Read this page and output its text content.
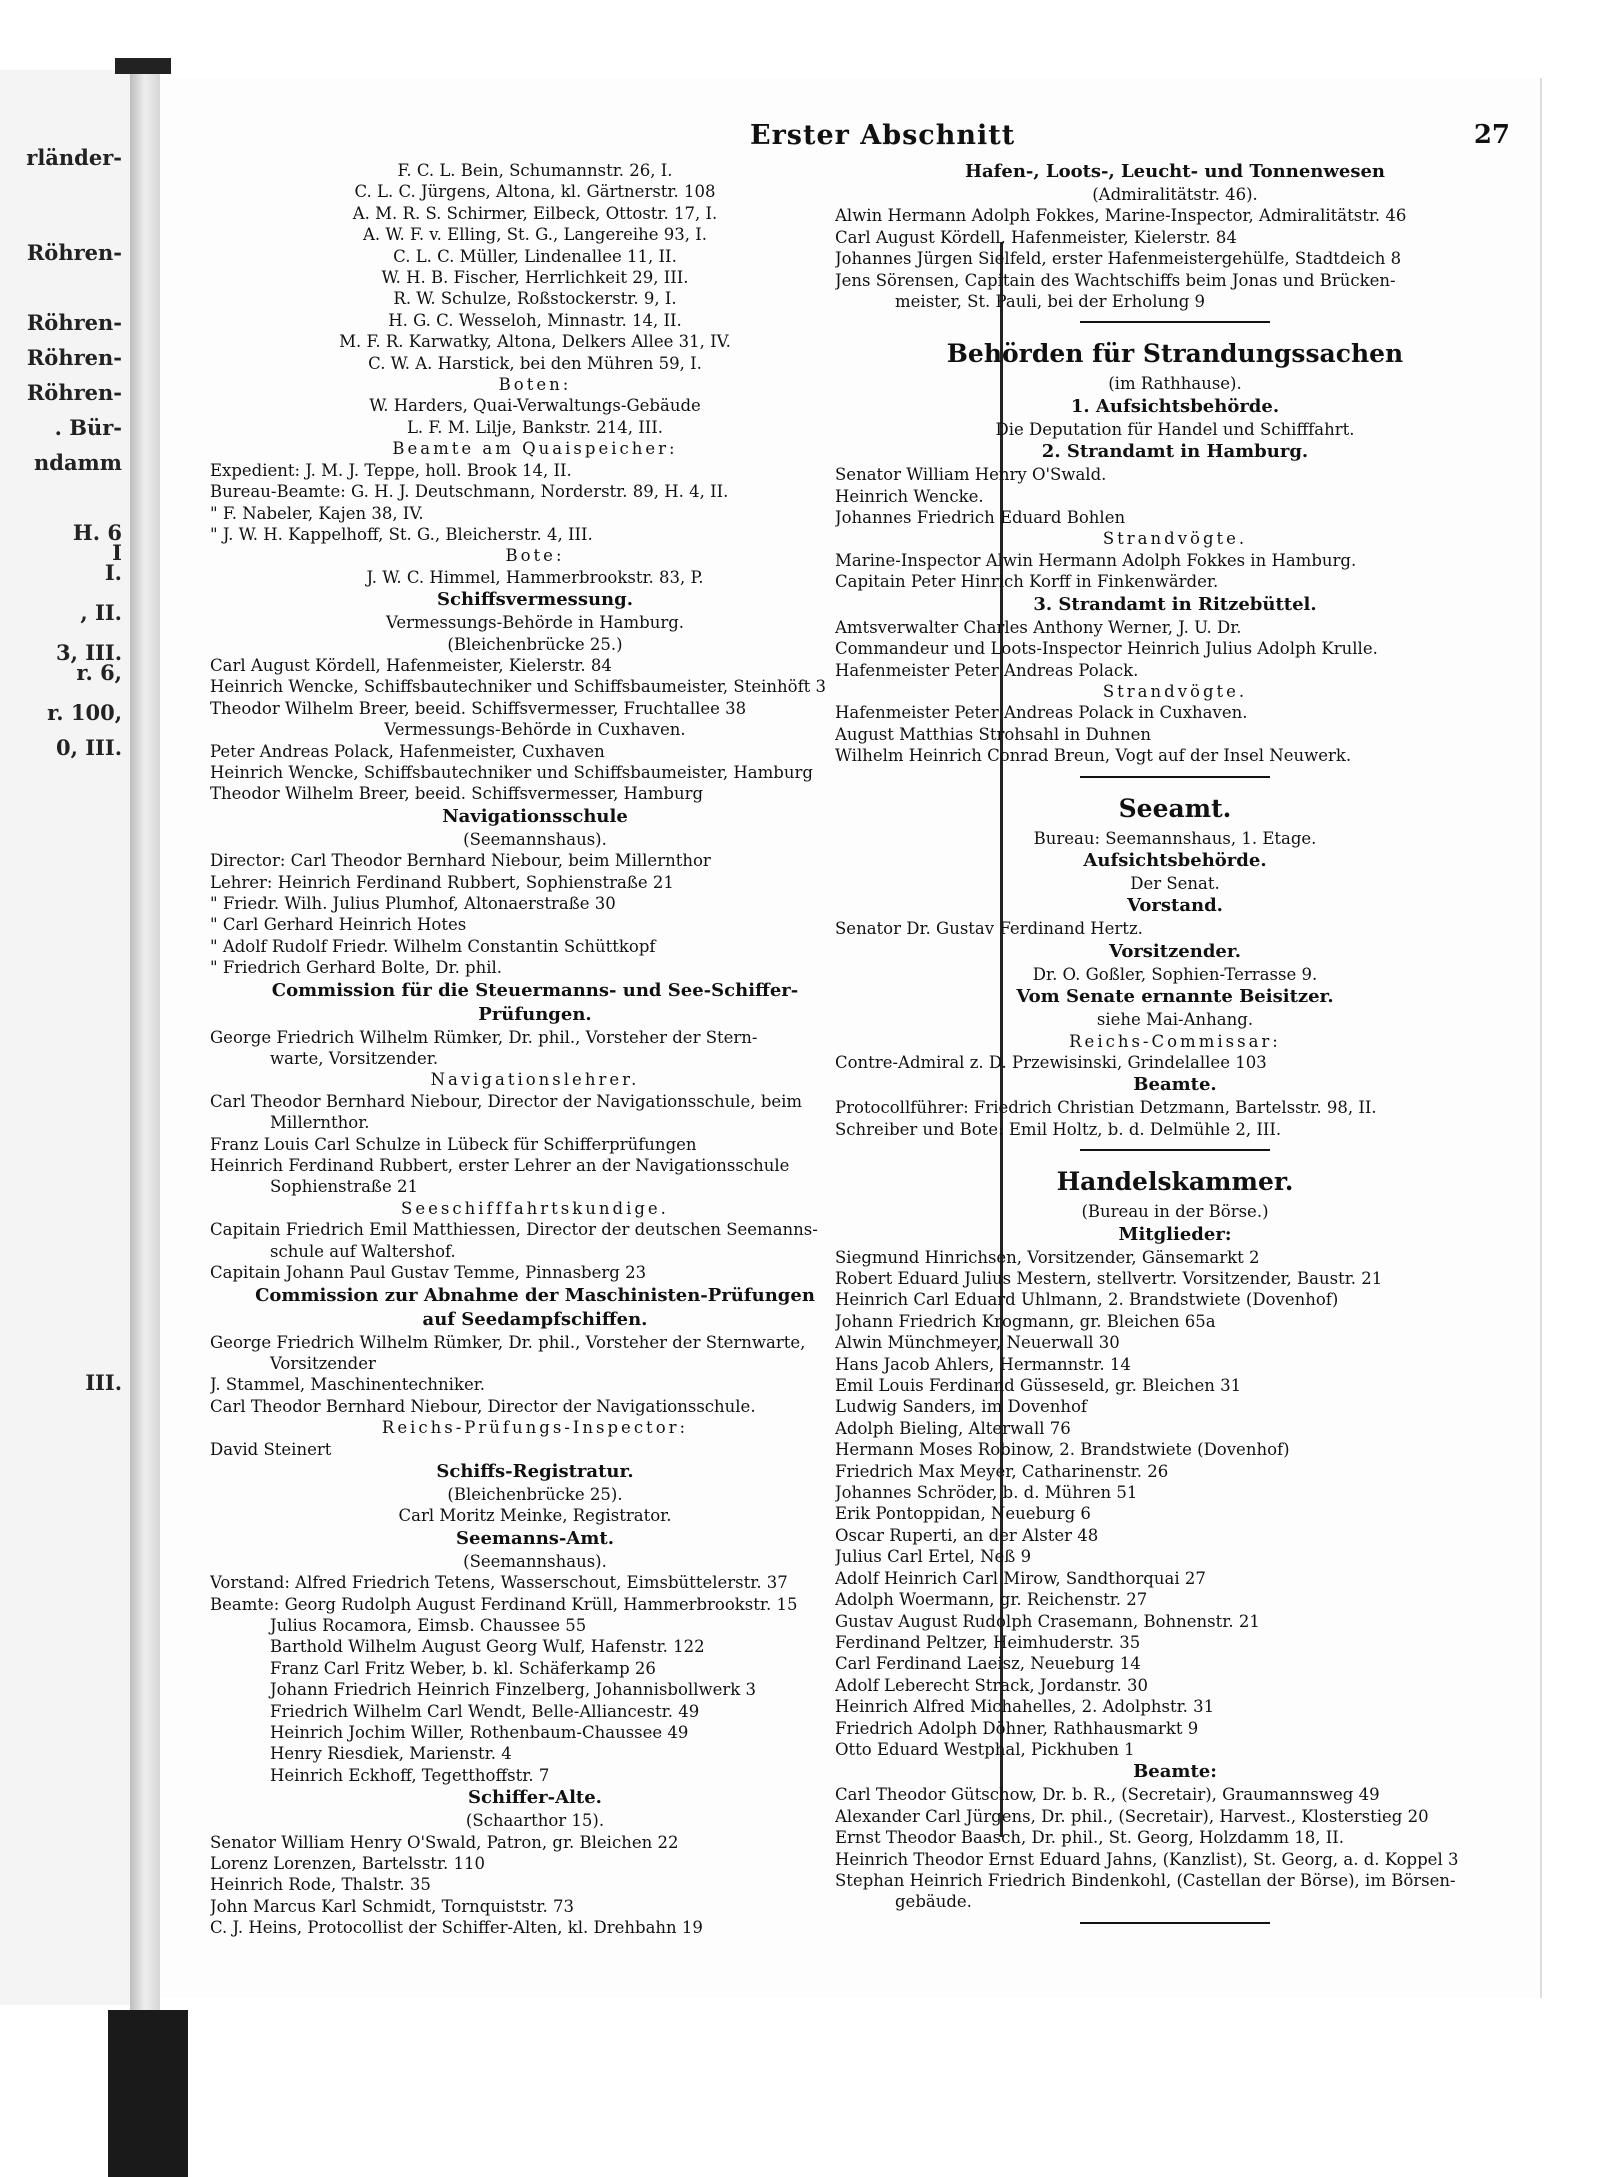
rländer-
Röhren-
Röhren-
Röhren-
Röhren-
. Bür-
ndamm
H. 6
I
I.
, II.
3, III.
r. 6,
r. 100,
0, III.
III.
Erster Abschnitt	27
F. C. L. Bein, Schumannstr. 26, I.
C. L. C. Jürgens, Altona, kl. Gärtnerstr. 108
A. M. R. S. Schirmer, Eilbeck, Ottostr. 17, I.
A. W. F. v. Elling, St. G., Langereihe 93, I.
C. L. C. Müller, Lindenallee 11, II.
W. H. B. Fischer, Herrlichkeit 29, III.
R. W. Schulze, Roßstockerstr. 9, I.
H. G. C. Wesseloh, Minnastr. 14, II.
M. F. R. Karwatky, Altona, Delkers Allee 31, IV.
C. W. A. Harstick, bei den Mühren 59, I.
Boten:
W. Harders, Quai-Verwaltungs-Gebäude
L. F. M. Lilje, Bankstr. 214, III.
Beamte am Quaispeicher:
Expedient: J. M. J. Teppe, holl. Brook 14, II.
Bureau-Beamte: G. H. J. Deutschmann, Norderstr. 89, H. 4, II.
" F. Nabeler, Kajen 38, IV.
" J. W. H. Kappelhoff, St. G., Bleicherstr. 4, III.
Bote:
J. W. C. Himmel, Hammerbrookstr. 83, P.
Schiffsvermessung.
Vermessungs-Behörde in Hamburg.
(Bleichenbrücke 25.)
Carl August Kördell, Hafenmeister, Kielerstr. 84
Heinrich Wencke, Schiffsbautechniker und Schiffsbaumeister, Steinhöft 3
Theodor Wilhelm Breer, beeid. Schiffsvermesser, Fruchtallee 38
Vermessungs-Behörde in Cuxhaven.
Peter Andreas Polack, Hafenmeister, Cuxhaven
Heinrich Wencke, Schiffsbautechniker und Schiffsbaumeister, Hamburg
Theodor Wilhelm Breer, beeid. Schiffsvermesser, Hamburg
Navigationsschule
(Seemannshaus).
Director: Carl Theodor Bernhard Niebour, beim Millernthor
Lehrer: Heinrich Ferdinand Rubbert, Sophienstraße 21
" Friedr. Wilh. Julius Plumhof, Altonaerstraße 30
" Carl Gerhard Heinrich Hotes
" Adolf Rudolf Friedr. Wilhelm Constantin Schüttkopf
" Friedrich Gerhard Bolte, Dr. phil.
Commission für die Steuermanns- und See-Schiffer-
Prüfungen.
George Friedrich Wilhelm Rümker, Dr. phil., Vorsteher der Stern-
warte, Vorsitzender.
Navigationslehrer.
Carl Theodor Bernhard Niebour, Director der Navigationsschule, beim
Millernthor.
Franz Louis Carl Schulze in Lübeck für Schifferprüfungen
Heinrich Ferdinand Rubbert, erster Lehrer an der Navigationsschule
Sophienstraße 21
Seeschifffahrtskundige.
Capitain Friedrich Emil Matthiessen, Director der deutschen Seemanns-
schule auf Waltershof.
Capitain Johann Paul Gustav Temme, Pinnasberg 23
Commission zur Abnahme der Maschinisten-Prüfungen
auf Seedampfschiffen.
George Friedrich Wilhelm Rümker, Dr. phil., Vorsteher der Sternwarte,
Vorsitzender
J. Stammel, Maschinentechniker.
Carl Theodor Bernhard Niebour, Director der Navigationsschule.
Reichs-Prüfungs-Inspector:
David Steinert
Schiffs-Registratur.
(Bleichenbrücke 25).
Carl Moritz Meinke, Registrator.
Seemanns-Amt.
(Seemannshaus).
Vorstand: Alfred Friedrich Tetens, Wasserschout, Eimsbüttelerstr. 37
Beamte: Georg Rudolph August Ferdinand Krüll, Hammerbrookstr. 15
Julius Rocamora, Eimsb. Chaussee 55
Barthold Wilhelm August Georg Wulf, Hafenstr. 122
Franz Carl Fritz Weber, b. kl. Schäferkamp 26
Johann Friedrich Heinrich Finzelberg, Johannisbollwerk 3
Friedrich Wilhelm Carl Wendt, Belle-Alliancestr. 49
Heinrich Jochim Willer, Rothenbaum-Chaussee 49
Henry Riesdiek, Marienstr. 4
Heinrich Eckhoff, Tegetthoffstr. 7
Schiffer-Alte.
(Schaarthor 15).
Senator William Henry O'Swald, Patron, gr. Bleichen 22
Lorenz Lorenzen, Bartelsstr. 110
Heinrich Rode, Thalstr. 35
John Marcus Karl Schmidt, Tornquiststr. 73
C. J. Heins, Protocollist der Schiffer-Alten, kl. Drehbahn 19
Hafen-, Loots-, Leucht- und Tonnenwesen
(Admiralitätstr. 46).
Alwin Hermann Adolph Fokkes, Marine-Inspector, Admiralitätstr. 46
Carl August Kördell, Hafenmeister, Kielerstr. 84
Johannes Jürgen Sielfeld, erster Hafenmeistergehülfe, Stadtdeich 8
Jens Sörensen, Capitain des Wachtschiffs beim Jonas und Brücken-
meister, St. Pauli, bei der Erholung 9
Behörden für Strandungssachen
(im Rathhause).
1. Aufsichtsbehörde.
Die Deputation für Handel und Schifffahrt.
2. Strandamt in Hamburg.
Senator William Henry O'Swald.
Heinrich Wencke.
Johannes Friedrich Eduard Bohlen
Strandvögte.
Marine-Inspector Alwin Hermann Adolph Fokkes in Hamburg.
Capitain Peter Hinrich Korff in Finkenwärder.
3. Strandamt in Ritzebüttel.
Amtsverwalter Charles Anthony Werner, J. U. Dr.
Commandeur und Loots-Inspector Heinrich Julius Adolph Krulle.
Hafenmeister Peter Andreas Polack.
Strandvögte.
Hafenmeister Peter Andreas Polack in Cuxhaven.
August Matthias Strohsahl in Duhnen
Wilhelm Heinrich Conrad Breun, Vogt auf der Insel Neuwerk.
Seeamt.
Bureau: Seemannshaus, 1. Etage.
Aufsichtsbehörde.
Der Senat.
Vorstand.
Senator Dr. Gustav Ferdinand Hertz.
Vorsitzender.
Dr. O. Goßler, Sophien-Terrasse 9.
Vom Senate ernannte Beisitzer.
siehe Mai-Anhang.
Reichs-Commissar:
Contre-Admiral z. D. Przewisinski, Grindelallee 103
Beamte.
Protocollführer: Friedrich Christian Detzmann, Bartelsstr. 98, II.
Schreiber und Bote: Emil Holtz, b. d. Delmühle 2, III.
Handelskammer.
(Bureau in der Börse.)
Mitglieder:
Siegmund Hinrichsen, Vorsitzender, Gänsemarkt 2
Robert Eduard Julius Mestern, stellvertr. Vorsitzender, Baustr. 21
Heinrich Carl Eduard Uhlmann, 2. Brandstwiete (Dovenhof)
Johann Friedrich Krogmann, gr. Bleichen 65a
Alwin Münchmeyer, Neuerwall 30
Hans Jacob Ahlers, Hermannstr. 14
Emil Louis Ferdinand Güsseseld, gr. Bleichen 31
Ludwig Sanders, im Dovenhof
Adolph Bieling, Alterwall 76
Hermann Moses Robinow, 2. Brandstwiete (Dovenhof)
Friedrich Max Meyer, Catharinenstr. 26
Johannes Schröder, b. d. Mühren 51
Erik Pontoppidan, Neueburg 6
Oscar Ruperti, an der Alster 48
Julius Carl Ertel, Neß 9
Adolf Heinrich Carl Mirow, Sandthorquai 27
Adolph Woermann, gr. Reichenstr. 27
Gustav August Rudolph Crasemann, Bohnenstr. 21
Ferdinand Peltzer, Heimhuderstr. 35
Carl Ferdinand Laeisz, Neueburg 14
Adolf Leberecht Strack, Jordanstr. 30
Heinrich Alfred Michahelles, 2. Adolphstr. 31
Friedrich Adolph Döhner, Rathhausmarkt 9
Otto Eduard Westphal, Pickhuben 1
Beamte:
Carl Theodor Gütschow, Dr. b. R., (Secretair), Graumannsweg 49
Alexander Carl Jürgens, Dr. phil., (Secretair), Harvest., Klosterstieg 20
Ernst Theodor Baasch, Dr. phil., St. Georg, Holzdamm 18, II.
Heinrich Theodor Ernst Eduard Jahns, (Kanzlist), St. Georg, a. d. Koppel 3
Stephan Heinrich Friedrich Bindenkohl, (Castellan der Börse), im Börsen-
gebäude.
